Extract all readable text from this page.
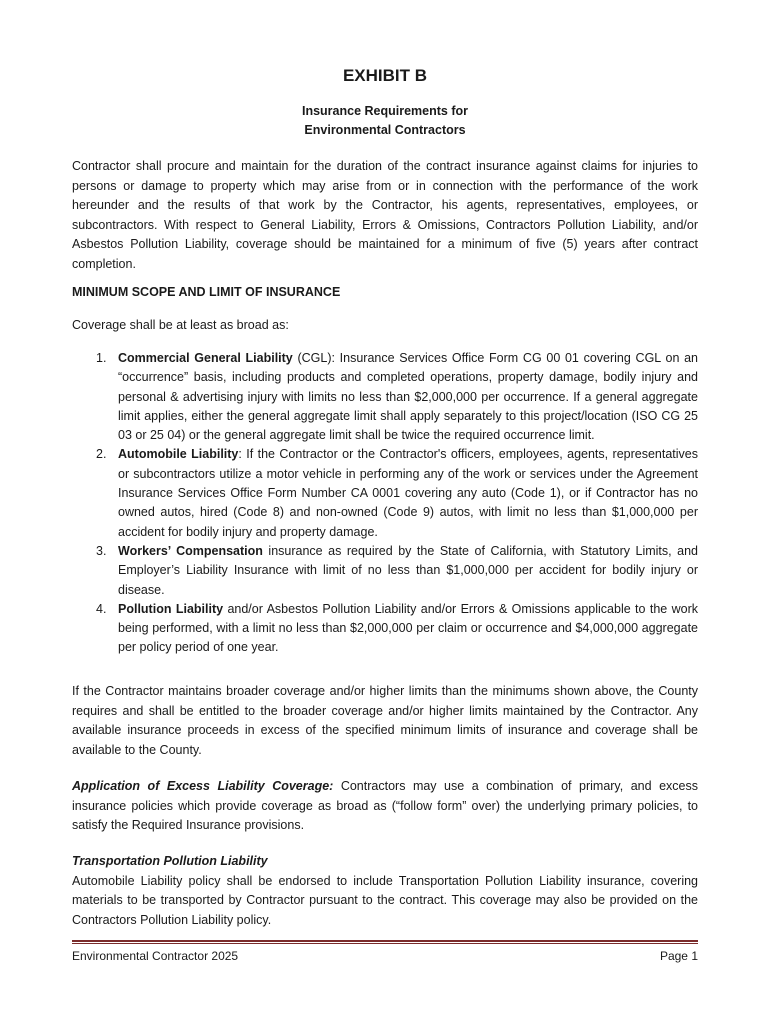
EXHIBIT B
Insurance Requirements for
Environmental Contractors

Contractor shall procure and maintain for the duration of the contract insurance against claims for injuries to persons or damage to property which may arise from or in connection with the performance of the work hereunder and the results of that work by the Contractor, his agents, representatives, employees, or subcontractors. With respect to General Liability, Errors & Omissions, Contractors Pollution Liability, and/or Asbestos Pollution Liability, coverage should be maintained for a minimum of five (5) years after contract completion.

MINIMUM SCOPE AND LIMIT OF INSURANCE

Coverage shall be at least as broad as:

1. Commercial General Liability (CGL): Insurance Services Office Form CG 00 01 covering CGL on an “occurrence” basis, including products and completed operations, property damage, bodily injury and personal & advertising injury with limits no less than $2,000,000 per occurrence. If a general aggregate limit applies, either the general aggregate limit shall apply separately to this project/location (ISO CG 25 03 or 25 04) or the general aggregate limit shall be twice the required occurrence limit.
2. Automobile Liability: If the Contractor or the Contractor's officers, employees, agents, representatives or subcontractors utilize a motor vehicle in performing any of the work or services under the Agreement Insurance Services Office Form Number CA 0001 covering any auto (Code 1), or if Contractor has no owned autos, hired (Code 8) and non-owned (Code 9) autos, with limit no less than $1,000,000 per accident for bodily injury and property damage.
3. Workers’ Compensation insurance as required by the State of California, with Statutory Limits, and Employer’s Liability Insurance with limit of no less than $1,000,000 per accident for bodily injury or disease.
4. Pollution Liability and/or Asbestos Pollution Liability and/or Errors & Omissions applicable to the work being performed, with a limit no less than $2,000,000 per claim or occurrence and $4,000,000 aggregate per policy period of one year.

If the Contractor maintains broader coverage and/or higher limits than the minimums shown above, the County requires and shall be entitled to the broader coverage and/or higher limits maintained by the Contractor. Any available insurance proceeds in excess of the specified minimum limits of insurance and coverage shall be available to the County.

Application of Excess Liability Coverage: Contractors may use a combination of primary, and excess insurance policies which provide coverage as broad as (“follow form” over) the underlying primary policies, to satisfy the Required Insurance provisions.

Transportation Pollution Liability
Automobile Liability policy shall be endorsed to include Transportation Pollution Liability insurance, covering materials to be transported by Contractor pursuant to the contract. This coverage may also be provided on the Contractors Pollution Liability policy.

Environmental Contractor 2025	Page 1
